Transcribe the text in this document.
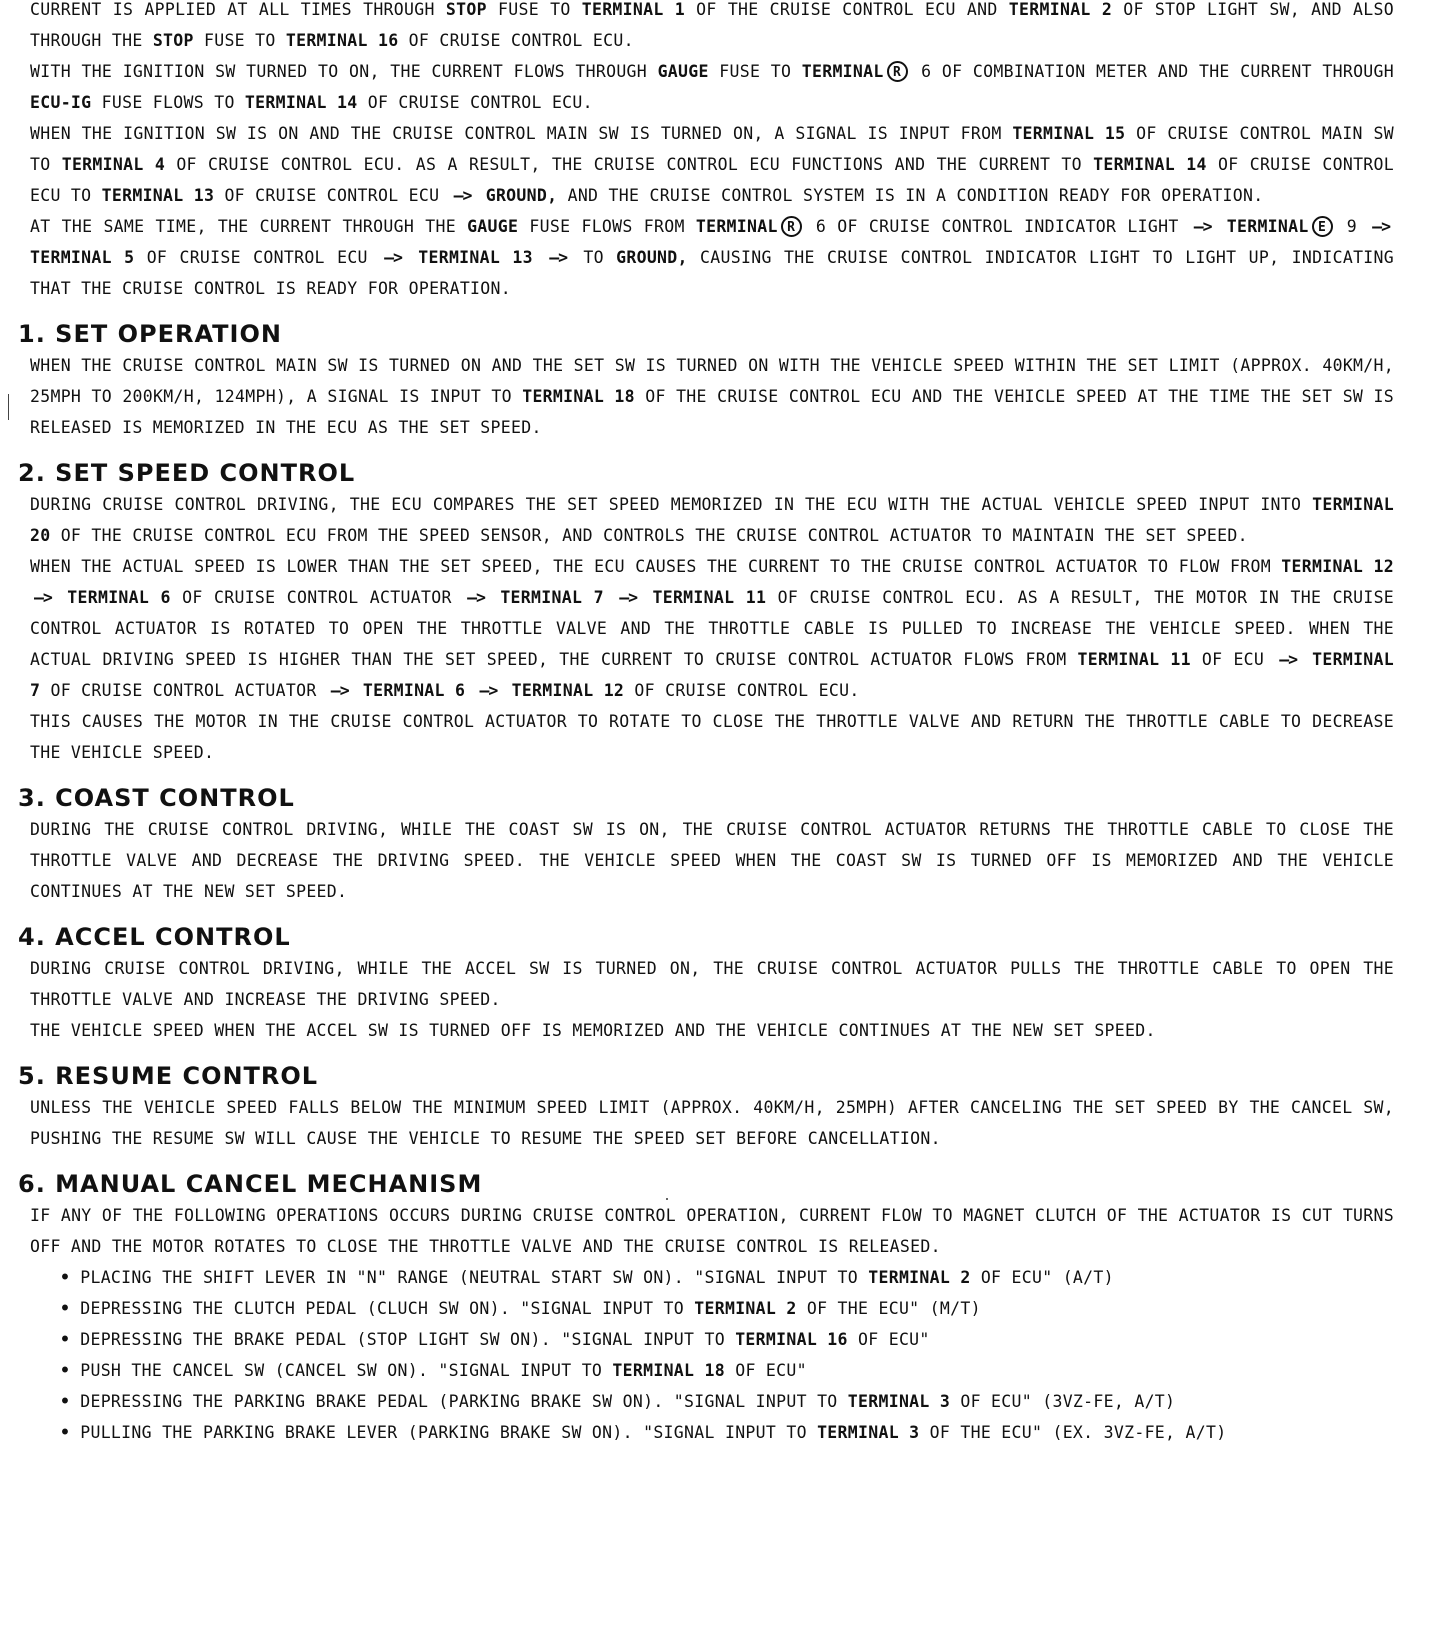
CURRENT IS APPLIED AT ALL TIMES THROUGH STOP FUSE TO TERMINAL 1 OF THE CRUISE CONTROL ECU AND TERMINAL 2 OF STOP LIGHT SW, AND ALSO THROUGH THE STOP FUSE TO TERMINAL 16 OF CRUISE CONTROL ECU.

WITH THE IGNITION SW TURNED TO ON, THE CURRENT FLOWS THROUGH GAUGE FUSE TO TERMINAL R 6 OF COMBINATION METER AND THE CURRENT THROUGH ECU-IG FUSE FLOWS TO TERMINAL 14 OF CRUISE CONTROL ECU.

WHEN THE IGNITION SW IS ON AND THE CRUISE CONTROL MAIN SW IS TURNED ON, A SIGNAL IS INPUT FROM TERMINAL 15 OF CRUISE CONTROL MAIN SW TO TERMINAL 4 OF CRUISE CONTROL ECU. AS A RESULT, THE CRUISE CONTROL ECU FUNCTIONS AND THE CURRENT TO TERMINAL 14 OF CRUISE CONTROL ECU TO TERMINAL 13 OF CRUISE CONTROL ECU —> GROUND, AND THE CRUISE CONTROL SYSTEM IS IN A CONDITION READY FOR OPERATION.

AT THE SAME TIME, THE CURRENT THROUGH THE GAUGE FUSE FLOWS FROM TERMINAL R 6 OF CRUISE CONTROL INDICATOR LIGHT —> TERMINAL E 9 —> TERMINAL 5 OF CRUISE CONTROL ECU —> TERMINAL 13 —> TO GROUND, CAUSING THE CRUISE CONTROL INDICATOR LIGHT TO LIGHT UP, INDICATING THAT THE CRUISE CONTROL IS READY FOR OPERATION.

1. SET OPERATION

WHEN THE CRUISE CONTROL MAIN SW IS TURNED ON AND THE SET SW IS TURNED ON WITH THE VEHICLE SPEED WITHIN THE SET LIMIT (APPROX. 40KM/H, 25MPH TO 200KM/H, 124MPH), A SIGNAL IS INPUT TO TERMINAL 18 OF THE CRUISE CONTROL ECU AND THE VEHICLE SPEED AT THE TIME THE SET SW IS RELEASED IS MEMORIZED IN THE ECU AS THE SET SPEED.

2. SET SPEED CONTROL

DURING CRUISE CONTROL DRIVING, THE ECU COMPARES THE SET SPEED MEMORIZED IN THE ECU WITH THE ACTUAL VEHICLE SPEED INPUT INTO TERMINAL 20 OF THE CRUISE CONTROL ECU FROM THE SPEED SENSOR, AND CONTROLS THE CRUISE CONTROL ACTUATOR TO MAINTAIN THE SET SPEED.

WHEN THE ACTUAL SPEED IS LOWER THAN THE SET SPEED, THE ECU CAUSES THE CURRENT TO THE CRUISE CONTROL ACTUATOR TO FLOW FROM TERMINAL 12 —> TERMINAL 6 OF CRUISE CONTROL ACTUATOR —> TERMINAL 7 —> TERMINAL 11 OF CRUISE CONTROL ECU. AS A RESULT, THE MOTOR IN THE CRUISE CONTROL ACTUATOR IS ROTATED TO OPEN THE THROTTLE VALVE AND THE THROTTLE CABLE IS PULLED TO INCREASE THE VEHICLE SPEED. WHEN THE ACTUAL DRIVING SPEED IS HIGHER THAN THE SET SPEED, THE CURRENT TO CRUISE CONTROL ACTUATOR FLOWS FROM TERMINAL 11 OF ECU —> TERMINAL 7 OF CRUISE CONTROL ACTUATOR —> TERMINAL 6 —> TERMINAL 12 OF CRUISE CONTROL ECU.

THIS CAUSES THE MOTOR IN THE CRUISE CONTROL ACTUATOR TO ROTATE TO CLOSE THE THROTTLE VALVE AND RETURN THE THROTTLE CABLE TO DECREASE THE VEHICLE SPEED.

3. COAST CONTROL

DURING THE CRUISE CONTROL DRIVING, WHILE THE COAST SW IS ON, THE CRUISE CONTROL ACTUATOR RETURNS THE THROTTLE CABLE TO CLOSE THE THROTTLE VALVE AND DECREASE THE DRIVING SPEED. THE VEHICLE SPEED WHEN THE COAST SW IS TURNED OFF IS MEMORIZED AND THE VEHICLE CONTINUES AT THE NEW SET SPEED.

4. ACCEL CONTROL

DURING CRUISE CONTROL DRIVING, WHILE THE ACCEL SW IS TURNED ON, THE CRUISE CONTROL ACTUATOR PULLS THE THROTTLE CABLE TO OPEN THE THROTTLE VALVE AND INCREASE THE DRIVING SPEED.

THE VEHICLE SPEED WHEN THE ACCEL SW IS TURNED OFF IS MEMORIZED AND THE VEHICLE CONTINUES AT THE NEW SET SPEED.

5. RESUME CONTROL

UNLESS THE VEHICLE SPEED FALLS BELOW THE MINIMUM SPEED LIMIT (APPROX. 40KM/H, 25MPH) AFTER CANCELING THE SET SPEED BY THE CANCEL SW, PUSHING THE RESUME SW WILL CAUSE THE VEHICLE TO RESUME THE SPEED SET BEFORE CANCELLATION.

6. MANUAL CANCEL MECHANISM

IF ANY OF THE FOLLOWING OPERATIONS OCCURS DURING CRUISE CONTROL OPERATION, CURRENT FLOW TO MAGNET CLUTCH OF THE ACTUATOR IS CUT TURNS OFF AND THE MOTOR ROTATES TO CLOSE THE THROTTLE VALVE AND THE CRUISE CONTROL IS RELEASED.

• PLACING THE SHIFT LEVER IN "N" RANGE (NEUTRAL START SW ON). "SIGNAL INPUT TO TERMINAL 2 OF ECU" (A/T)
• DEPRESSING THE CLUTCH PEDAL (CLUCH SW ON). "SIGNAL INPUT TO TERMINAL 2 OF THE ECU" (M/T)
• DEPRESSING THE BRAKE PEDAL (STOP LIGHT SW ON). "SIGNAL INPUT TO TERMINAL 16 OF ECU"
• PUSH THE CANCEL SW (CANCEL SW ON). "SIGNAL INPUT TO TERMINAL 18 OF ECU"
• DEPRESSING THE PARKING BRAKE PEDAL (PARKING BRAKE SW ON). "SIGNAL INPUT TO TERMINAL 3 OF ECU" (3VZ-FE, A/T)
• PULLING THE PARKING BRAKE LEVER (PARKING BRAKE SW ON). "SIGNAL INPUT TO TERMINAL 3 OF THE ECU" (EX. 3VZ-FE, A/T)
